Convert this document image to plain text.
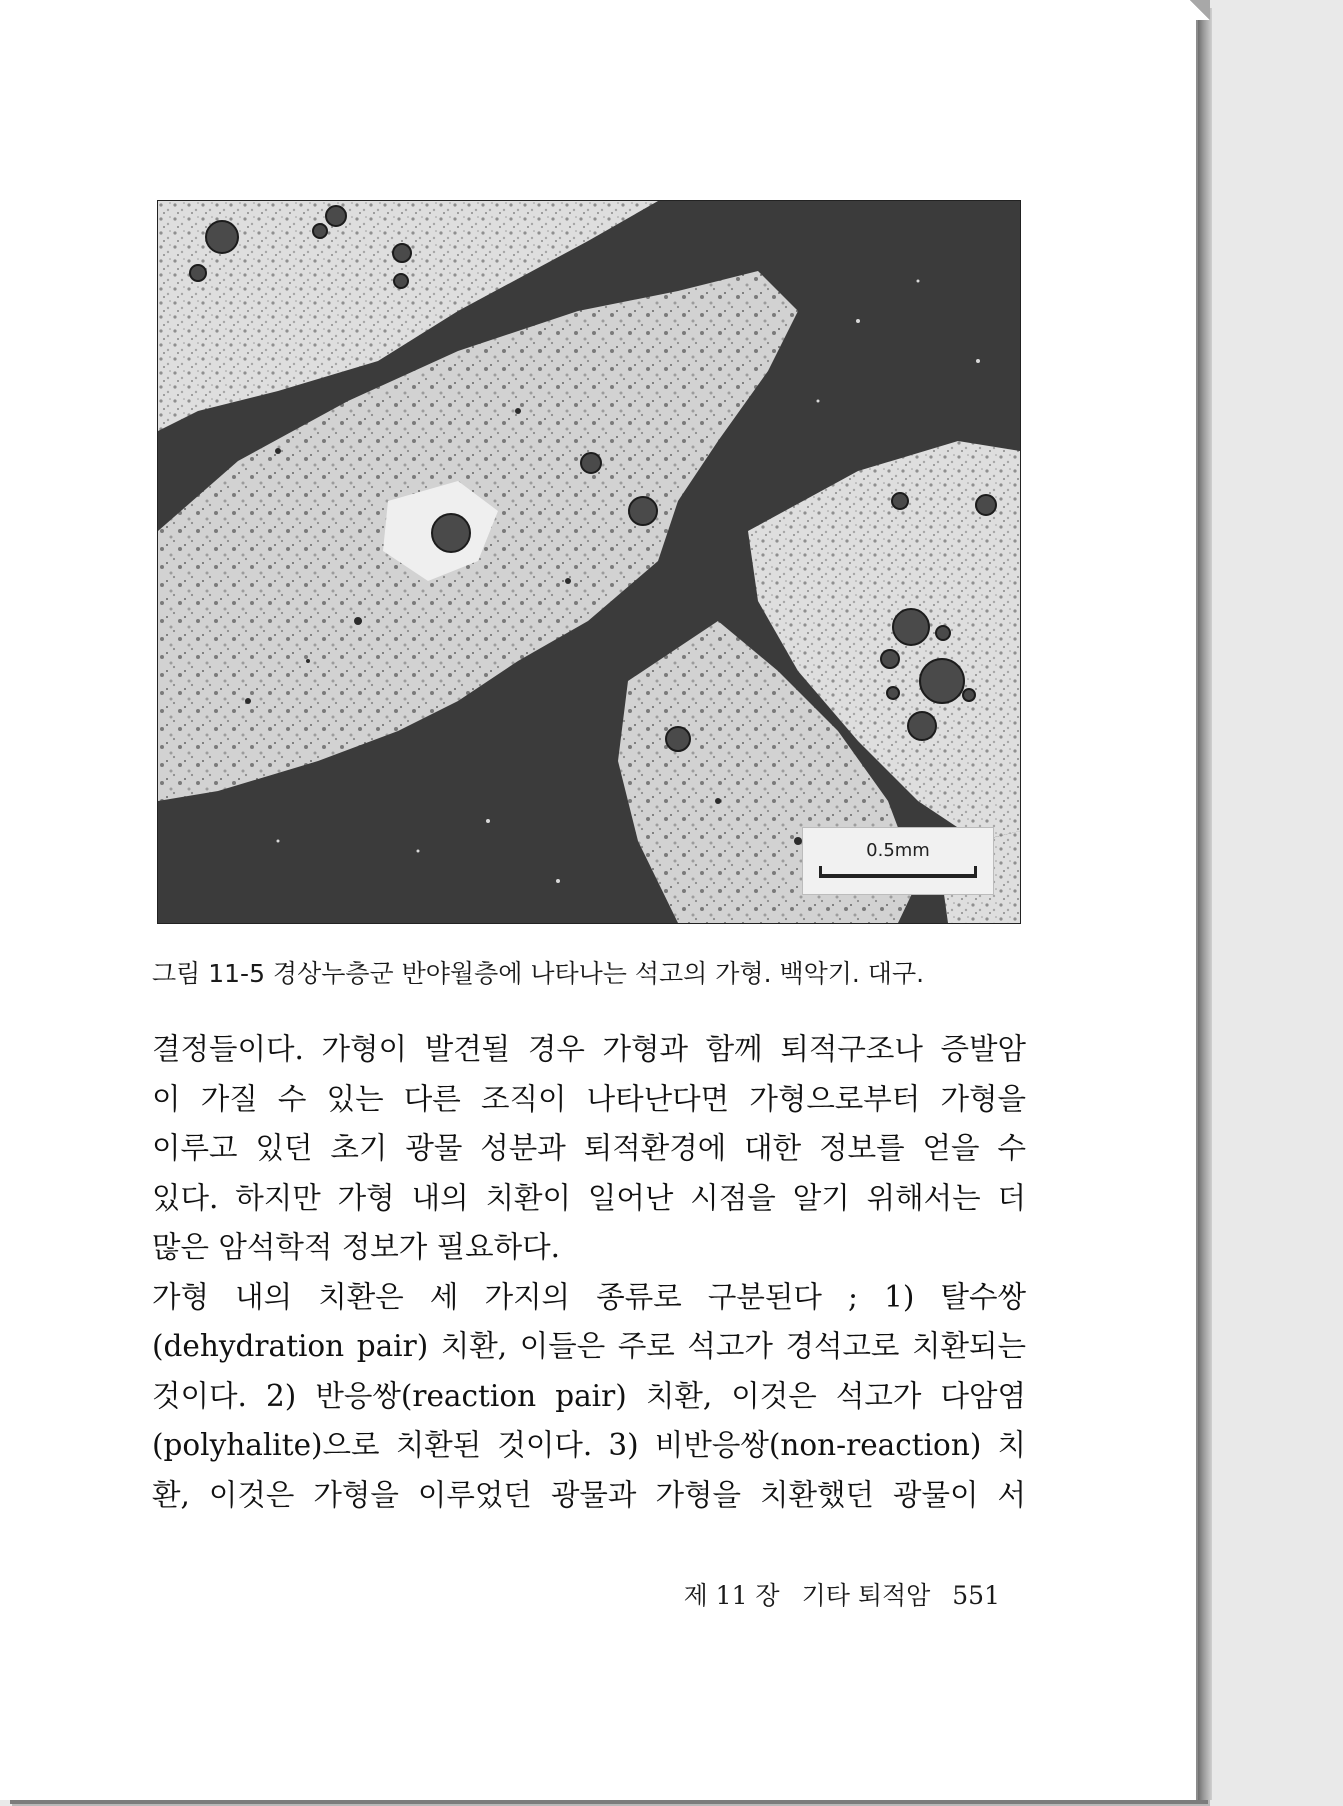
0.5mm
그림 11-5 경상누층군 반야월층에 나타나는 석고의 가형. 백악기. 대구.
결정들이다. 가형이 발견될 경우 가형과 함께 퇴적구조나 증발암
이 가질 수 있는 다른 조직이 나타난다면 가형으로부터 가형을
이루고 있던 초기 광물 성분과 퇴적환경에 대한 정보를 얻을 수
있다. 하지만 가형 내의 치환이 일어난 시점을 알기 위해서는 더
많은 암석학적 정보가 필요하다.
가형 내의 치환은 세 가지의 종류로 구분된다 ; 1) 탈수쌍
(dehydration pair) 치환, 이들은 주로 석고가 경석고로 치환되는
것이다. 2) 반응쌍(reaction pair) 치환, 이것은 석고가 다암염
(polyhalite)으로 치환된 것이다. 3) 비반응쌍(non-reaction) 치
환, 이것은 가형을 이루었던 광물과 가형을 치환했던 광물이 서
제 11 장 기타 퇴적암 551
